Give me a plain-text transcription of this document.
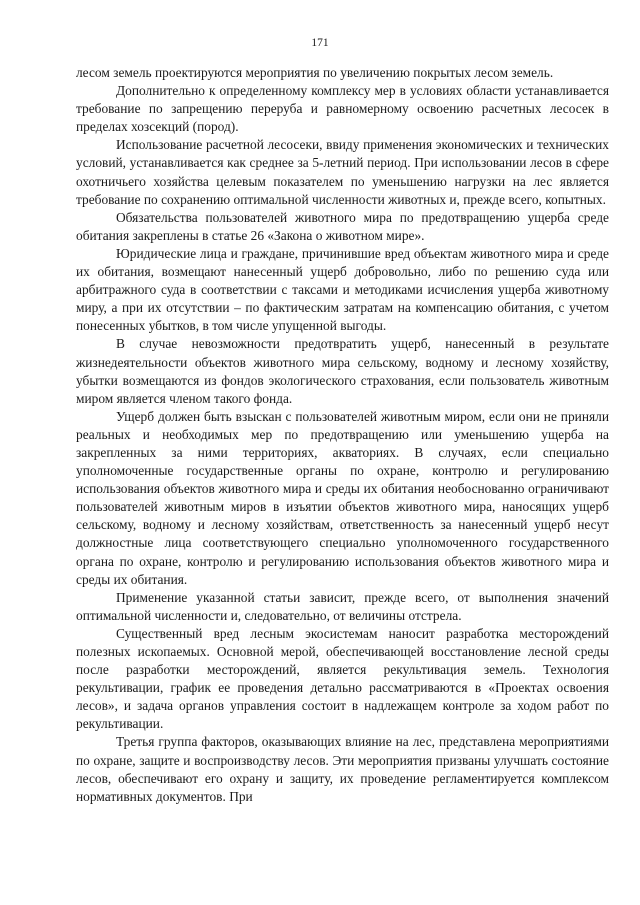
171

лесом земель проектируются мероприятия по увеличению покрытых лесом земель.

Дополнительно к определенному комплексу мер в условиях области устанавливается требование по запрещению переруба и равномерному освоению расчетных лесосек в пределах хозсекций (пород).

Использование расчетной лесосеки, ввиду применения экономических и технических условий, устанавливается как среднее за 5-летний период. При использовании лесов в сфере охотничьего хозяйства целевым показателем по уменьшению нагрузки на лес является требование по сохранению оптимальной численности животных и, прежде всего, копытных.

Обязательства пользователей животного мира по предотвращению ущерба среде обитания закреплены в статье 26 «Закона о животном мире».

Юридические лица и граждане, причинившие вред объектам животного мира и среде их обитания, возмещают нанесенный ущерб добровольно, либо по решению суда или арбитражного суда в соответствии с таксами и методиками исчисления ущерба животному миру, а при их отсутствии – по фактическим затратам на компенсацию обитания, с учетом понесенных убытков, в том числе упущенной выгоды.

В случае невозможности предотвратить ущерб, нанесенный в результате жизнедеятельности объектов животного мира сельскому, водному и лесному хозяйству, убытки возмещаются из фондов экологического страхования, если пользователь животным миром является членом такого фонда.

Ущерб должен быть взыскан с пользователей животным миром, если они не приняли реальных и необходимых мер по предотвращению или уменьшению ущерба на закрепленных за ними территориях, акваториях. В случаях, если специально уполномоченные государственные органы по охране, контролю и регулированию использования объектов животного мира и среды их обитания необоснованно ограничивают пользователей животным миров в изъятии объектов животного мира, наносящих ущерб сельскому, водному и лесному хозяйствам, ответственность за нанесенный ущерб несут должностные лица соответствующего специально уполномоченного государственного органа по охране, контролю и регулированию использования объектов животного мира и среды их обитания.

Применение указанной статьи зависит, прежде всего, от выполнения значений оптимальной численности и, следовательно, от величины отстрела.

Существенный вред лесным экосистемам наносит разработка месторождений полезных ископаемых. Основной мерой, обеспечивающей восстановление лесной среды после разработки месторождений, является рекультивация земель. Технология рекультивации, график ее проведения детально рассматриваются в «Проектах освоения лесов», и задача органов управления состоит в надлежащем контроле за ходом работ по рекультивации.

Третья группа факторов, оказывающих влияние на лес, представлена мероприятиями по охране, защите и воспроизводству лесов. Эти мероприятия призваны улучшать состояние лесов, обеспечивают его охрану и защиту, их проведение регламентируется комплексом нормативных документов. При
